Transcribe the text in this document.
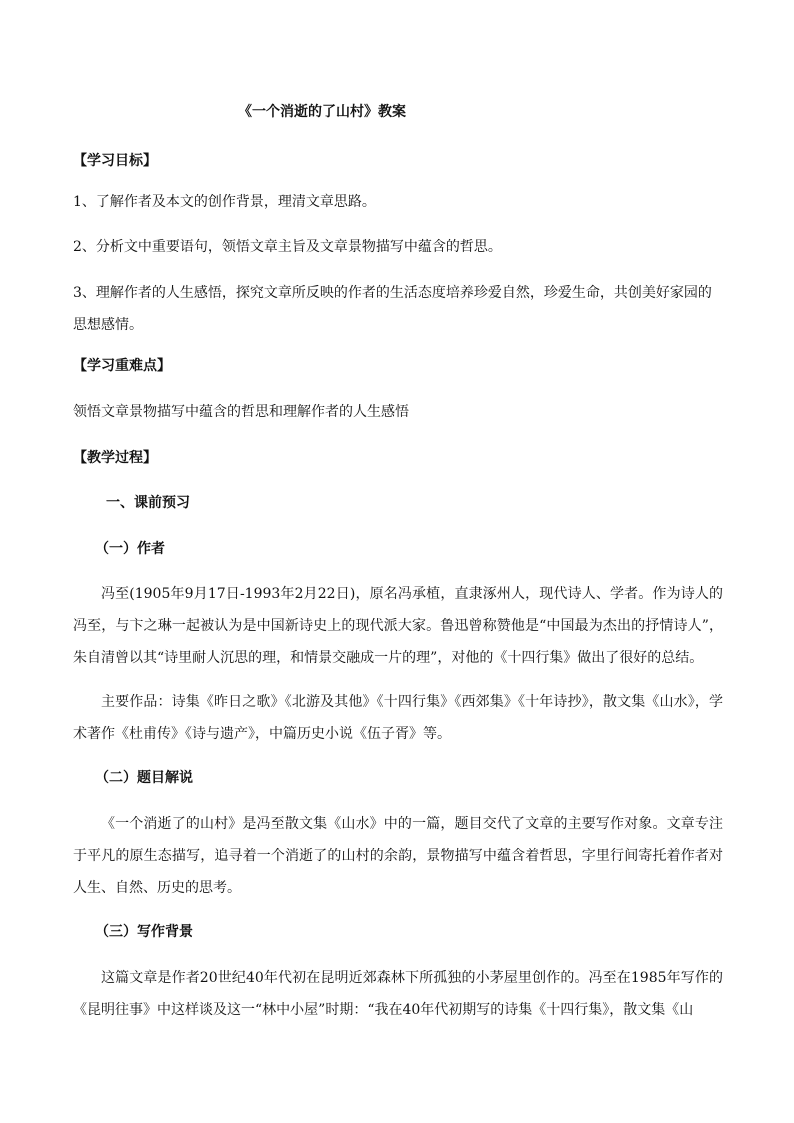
《一个消逝的了山村》教案

【学习目标】

1、了解作者及本文的创作背景，理清文章思路。

2、分析文中重要语句，领悟文章主旨及文章景物描写中蕴含的哲思。

3、理解作者的人生感悟，探究文章所反映的作者的生活态度培养珍爱自然，珍爱生命，共创美好家园的思想感情。

【学习重难点】

领悟文章景物描写中蕴含的哲思和理解作者的人生感悟

【教学过程】

一、课前预习

（一）作者

冯至(1905年9月17日-1993年2月22日)，原名冯承植，直隶涿州人，现代诗人、学者。作为诗人的冯至，与卞之琳一起被认为是中国新诗史上的现代派大家。鲁迅曾称赞他是“中国最为杰出的抒情诗人”，朱自清曾以其“诗里耐人沉思的理，和情景交融成一片的理”，对他的《十四行集》做出了很好的总结。

主要作品：诗集《昨日之歌》《北游及其他》《十四行集》《西郊集》《十年诗抄》，散文集《山水》，学术著作《杜甫传》《诗与遗产》，中篇历史小说《伍子胥》等。

（二）题目解说

《一个消逝了的山村》是冯至散文集《山水》中的一篇，题目交代了文章的主要写作对象。文章专注于平凡的原生态描写，追寻着一个消逝了的山村的余韵，景物描写中蕴含着哲思，字里行间寄托着作者对人生、自然、历史的思考。

（三）写作背景

这篇文章是作者20世纪40年代初在昆明近郊森林下所孤独的小茅屋里创作的。冯至在1985年写作的《昆明往事》中这样谈及这一“林中小屋”时期：“我在40年代初期写的诗集《十四行集》，散文集《山
